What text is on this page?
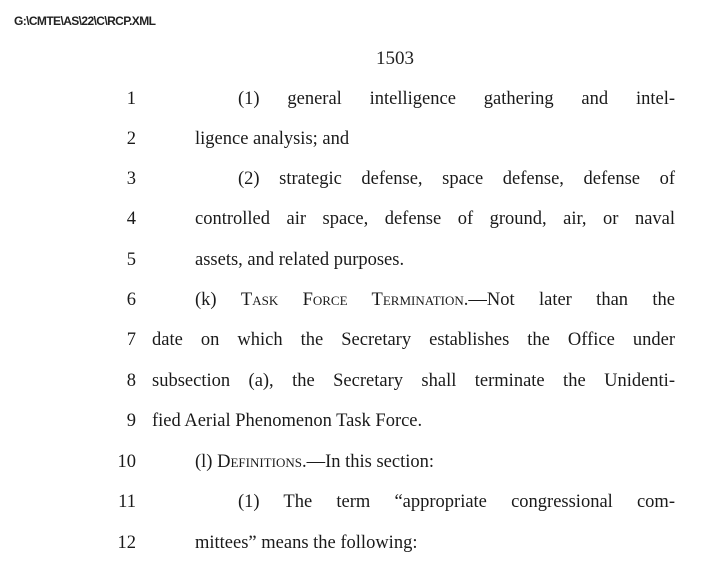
G:\CMTE\AS\22\C\RCP.XML
1503
1	(1) general intelligence gathering and intel-
2	ligence analysis; and
3	(2) strategic defense, space defense, defense of
4	controlled air space, defense of ground, air, or naval
5	assets, and related purposes.
6	(k) Task Force Termination.—Not later than the
7 date on which the Secretary establishes the Office under
8 subsection (a), the Secretary shall terminate the Unidenti-
9 fied Aerial Phenomenon Task Force.
10	(l) Definitions.—In this section:
11	(1) The term “appropriate congressional com-
12	mittees” means the following:
